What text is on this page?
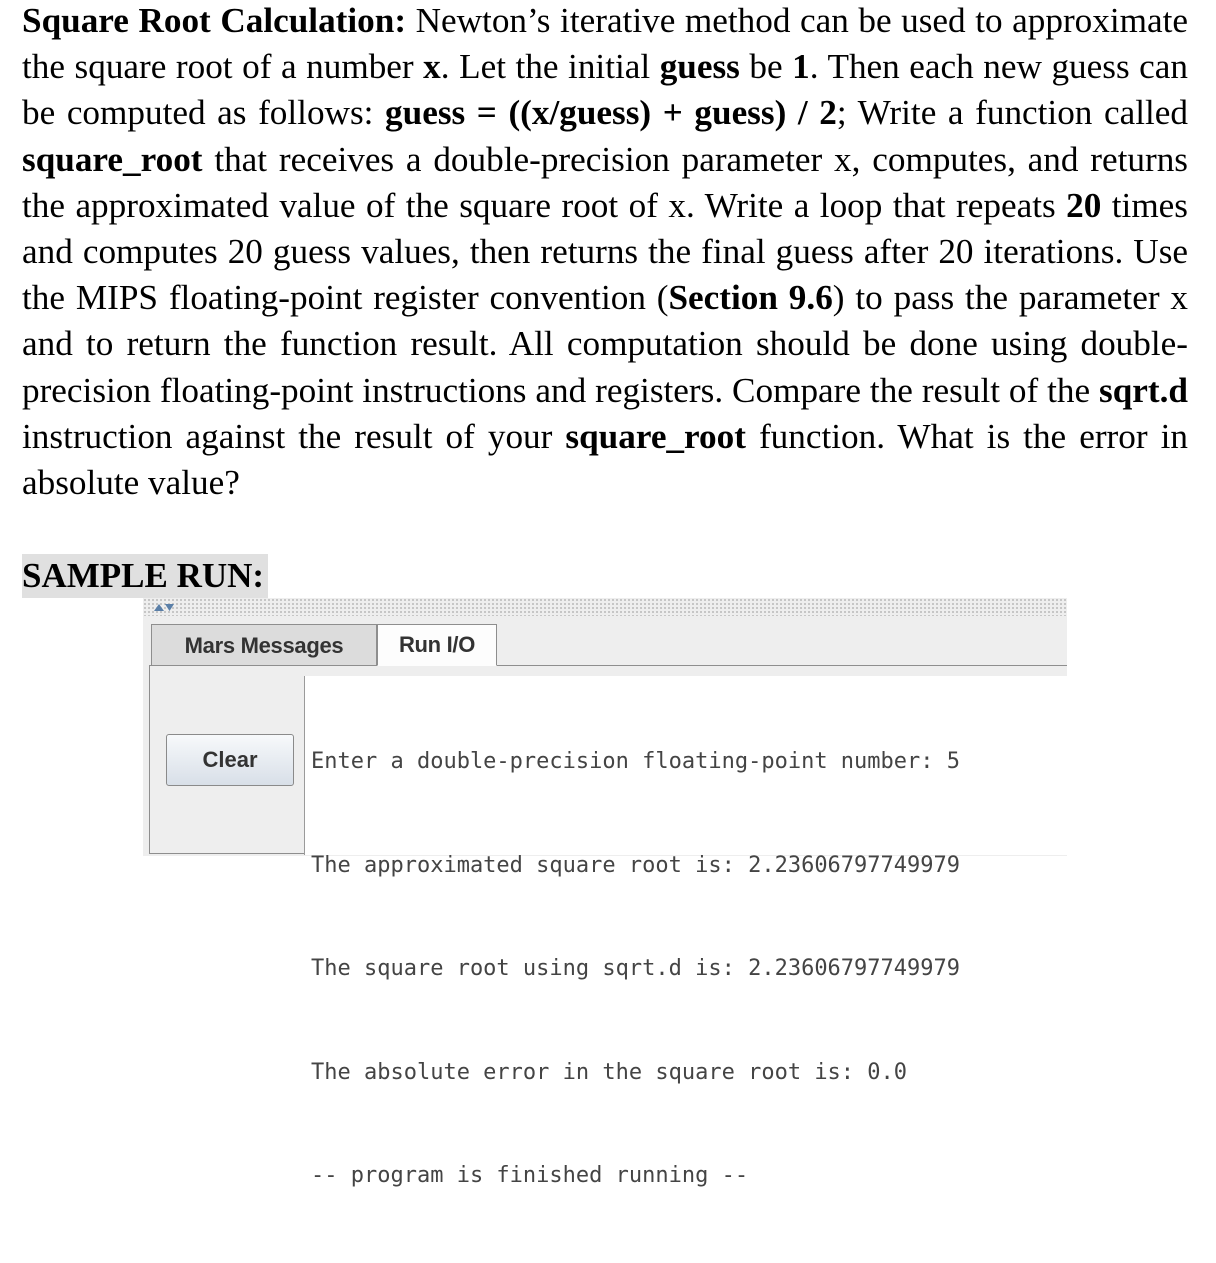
Square Root Calculation: Newton’s iterative method can be used to approximate the square root of a number x. Let the initial guess be 1. Then each new guess can be computed as follows: guess = ((x/guess) + guess) / 2; Write a function called square_root that receives a double-precision parameter x, computes, and returns the approximated value of the square root of x. Write a loop that repeats 20 times and computes 20 guess values, then returns the final guess after 20 iterations. Use the MIPS floating-point register convention (Section 9.6) to pass the parameter x and to return the function result. All computation should be done using double-precision floating-point instructions and registers. Compare the result of the sqrt.d instruction against the result of your square_root function. What is the error in absolute value?

SAMPLE RUN:
Mars Messages	Run I/O
Clear

	Enter a double-precision floating-point number: 5

The approximated square root is: 2.23606797749979

The square root using sqrt.d is: 2.23606797749979

The absolute error in the square root is: 0.0

-- program is finished running --
